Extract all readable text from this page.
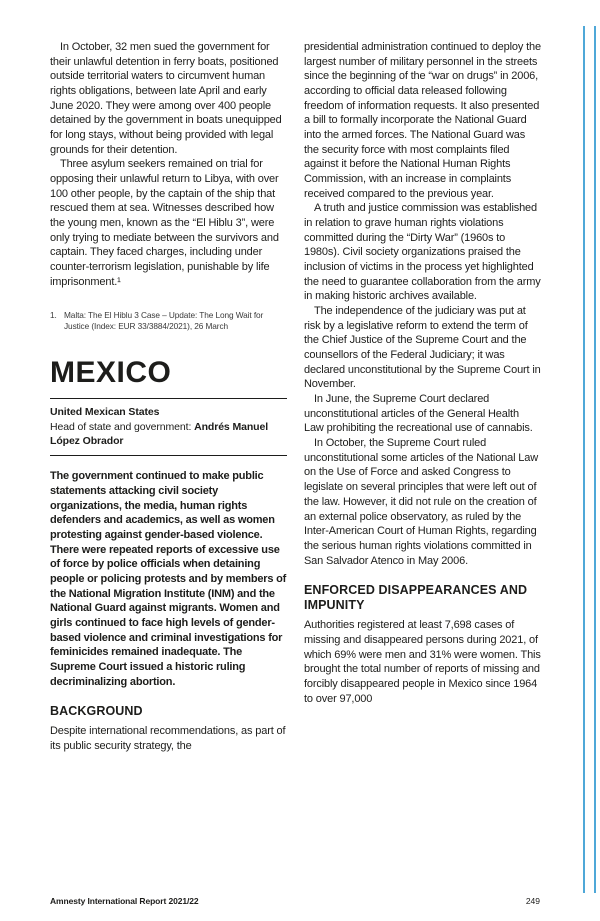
In October, 32 men sued the government for their unlawful detention in ferry boats, positioned outside territorial waters to circumvent human rights obligations, between late April and early June 2020. They were among over 400 people detained by the government in boats unequipped for long stays, without being provided with legal grounds for their detention.

Three asylum seekers remained on trial for opposing their unlawful return to Libya, with over 100 other people, by the captain of the ship that rescued them at sea. Witnesses described how the young men, known as the “El Hiblu 3”, were only trying to mediate between the survivors and captain. They faced charges, including under counter-terrorism legislation, punishable by life imprisonment.¹

1. Malta: The El Hiblu 3 Case – Update: The Long Wait for Justice (Index: EUR 33/3884/2021), 26 March
MEXICO
United Mexican States
Head of state and government: Andrés Manuel López Obrador

The government continued to make public statements attacking civil society organizations, the media, human rights defenders and academics, as well as women protesting against gender-based violence. There were repeated reports of excessive use of force by police officials when detaining people or policing protests and by members of the National Migration Institute (INM) and the National Guard against migrants. Women and girls continued to face high levels of gender-based violence and criminal investigations for feminicides remained inadequate. The Supreme Court issued a historic ruling decriminalizing abortion.

BACKGROUND

Despite international recommendations, as part of its public security strategy, the

presidential administration continued to deploy the largest number of military personnel in the streets since the beginning of the “war on drugs” in 2006, according to official data released following freedom of information requests. It also presented a bill to formally incorporate the National Guard into the armed forces. The National Guard was the security force with most complaints filed against it before the National Human Rights Commission, with an increase in complaints received compared to the previous year.

A truth and justice commission was established in relation to grave human rights violations committed during the “Dirty War” (1960s to 1980s). Civil society organizations praised the inclusion of victims in the process yet highlighted the need to guarantee collaboration from the army in making historic archives available.

The independence of the judiciary was put at risk by a legislative reform to extend the term of the Chief Justice of the Supreme Court and the counsellors of the Federal Judiciary; it was declared unconstitutional by the Supreme Court in November.

In June, the Supreme Court declared unconstitutional articles of the General Health Law prohibiting the recreational use of cannabis.

In October, the Supreme Court ruled unconstitutional some articles of the National Law on the Use of Force and asked Congress to legislate on several principles that were left out of the law. However, it did not rule on the creation of an external police observatory, as ruled by the Inter-American Court of Human Rights, regarding the serious human rights violations committed in San Salvador Atenco in May 2006.

ENFORCED DISAPPEARANCES AND IMPUNITY

Authorities registered at least 7,698 cases of missing and disappeared persons during 2021, of which 69% were men and 31% were women. This brought the total number of reports of missing and forcibly disappeared people in Mexico since 1964 to over 97,000

Amnesty International Report 2021/22	249
